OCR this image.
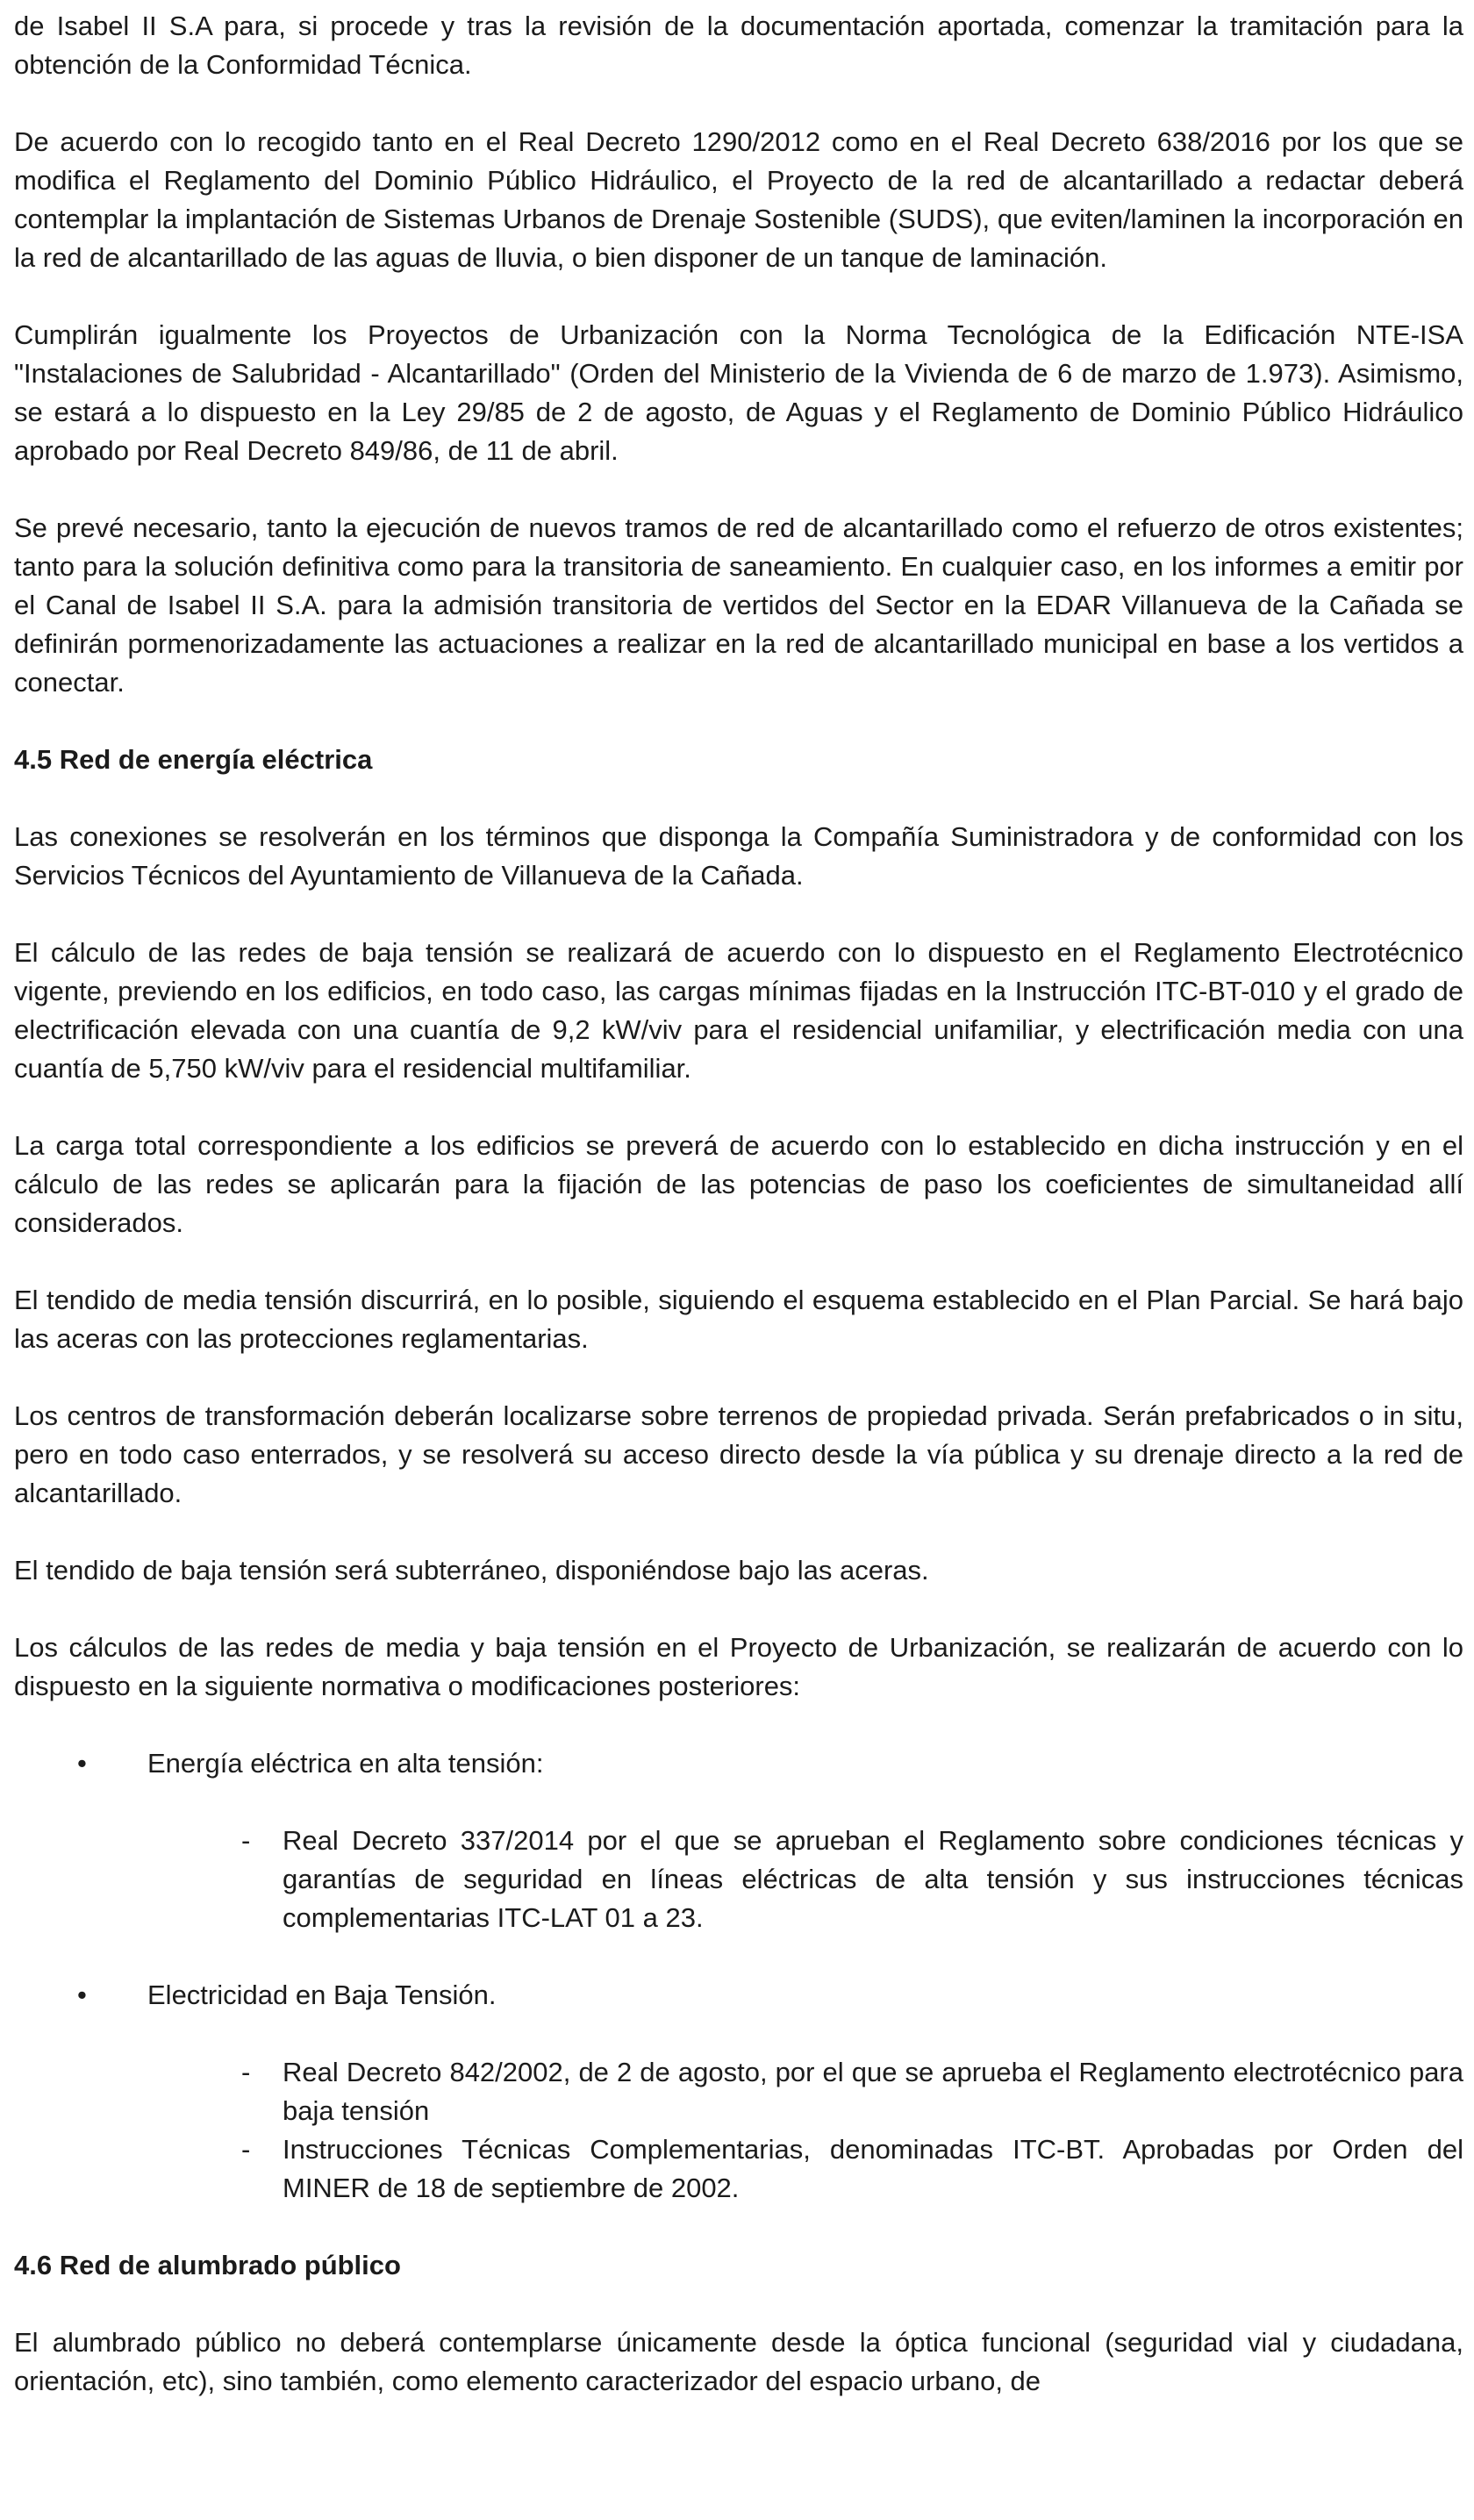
de Isabel II S.A para, si procede y tras la revisión de la documentación aportada, comenzar la tramitación para la obtención de la Conformidad Técnica.

De acuerdo con lo recogido tanto en el Real Decreto 1290/2012 como en el Real Decreto 638/2016 por los que se modifica el Reglamento del Dominio Público Hidráulico, el Proyecto de la red de alcantarillado a redactar deberá contemplar la implantación de Sistemas Urbanos de Drenaje Sostenible (SUDS), que eviten/laminen la incorporación en la red de alcantarillado de las aguas de lluvia, o bien disponer de un tanque de laminación.

Cumplirán igualmente los Proyectos de Urbanización con la Norma Tecnológica de la Edificación NTE-ISA "Instalaciones de Salubridad - Alcantarillado" (Orden del Ministerio de la Vivienda de 6 de marzo de 1.973). Asimismo, se estará a lo dispuesto en la Ley 29/85 de 2 de agosto, de Aguas y el Reglamento de Dominio Público Hidráulico aprobado por Real Decreto 849/86, de 11 de abril.

Se prevé necesario, tanto la ejecución de nuevos tramos de red de alcantarillado como el refuerzo de otros existentes; tanto para la solución definitiva como para la transitoria de saneamiento. En cualquier caso, en los informes a emitir por el Canal de Isabel II S.A. para la admisión transitoria de vertidos del Sector en la EDAR Villanueva de la Cañada se definirán pormenorizadamente las actuaciones a realizar en la red de alcantarillado municipal en base a los vertidos a conectar.

4.5 Red de energía eléctrica

Las conexiones se resolverán en los términos que disponga la Compañía Suministradora y de conformidad con los Servicios Técnicos del Ayuntamiento de Villanueva de la Cañada.

El cálculo de las redes de baja tensión se realizará de acuerdo con lo dispuesto en el Reglamento Electrotécnico vigente, previendo en los edificios, en todo caso, las cargas mínimas fijadas en la Instrucción ITC-BT-010 y el grado de electrificación elevada con una cuantía de 9,2 kW/viv para el residencial unifamiliar, y electrificación media con una cuantía de 5,750 kW/viv para el residencial multifamiliar.

La carga total correspondiente a los edificios se preverá de acuerdo con lo establecido en dicha instrucción y en el cálculo de las redes se aplicarán para la fijación de las potencias de paso los coeficientes de simultaneidad allí considerados.

El tendido de media tensión discurrirá, en lo posible, siguiendo el esquema establecido en el Plan Parcial. Se hará bajo las aceras con las protecciones reglamentarias.

Los centros de transformación deberán localizarse sobre terrenos de propiedad privada. Serán prefabricados o in situ, pero en todo caso enterrados, y se resolverá su acceso directo desde la vía pública y su drenaje directo a la red de alcantarillado.

El tendido de baja tensión será subterráneo, disponiéndose bajo las aceras.

Los cálculos de las redes de media y baja tensión en el Proyecto de Urbanización, se realizarán de acuerdo con lo dispuesto en la siguiente normativa o modificaciones posteriores:

• Energía eléctrica en alta tensión:
- Real Decreto 337/2014 por el que se aprueban el Reglamento sobre condiciones técnicas y garantías de seguridad en líneas eléctricas de alta tensión y sus instrucciones técnicas complementarias ITC-LAT 01 a 23.
• Electricidad en Baja Tensión.
- Real Decreto 842/2002, de 2 de agosto, por el que se aprueba el Reglamento electrotécnico para baja tensión
- Instrucciones Técnicas Complementarias, denominadas ITC-BT. Aprobadas por Orden del MINER de 18 de septiembre de 2002.

4.6 Red de alumbrado público

El alumbrado público no deberá contemplarse únicamente desde la óptica funcional (seguridad vial y ciudadana, orientación, etc), sino también, como elemento caracterizador del espacio urbano, de
